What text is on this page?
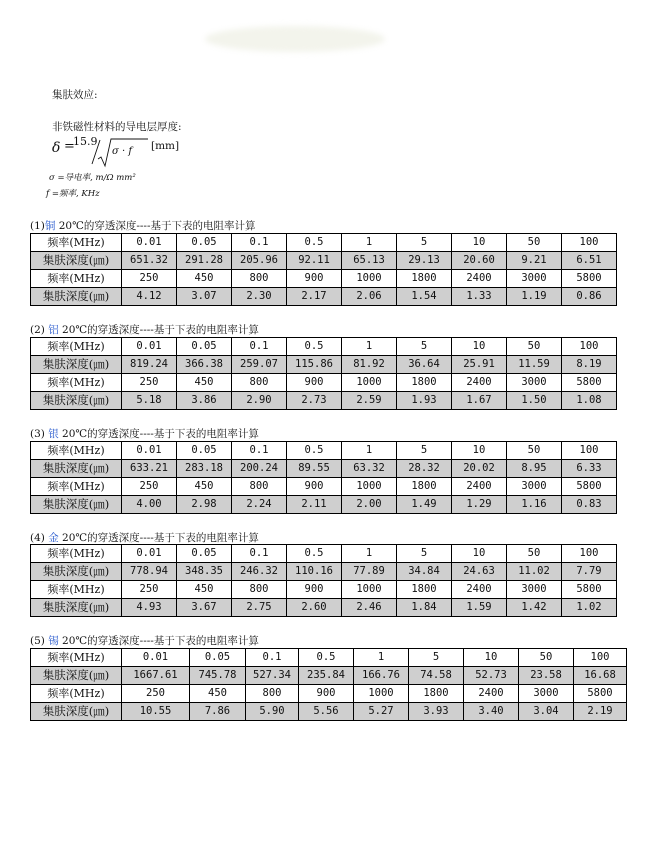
集肤效应:
非铁磁性材料的导电层厚度:
δ =
15.9
σ · f [mm]
σ =导电率, m/Ω mm²
f =频率, KHz
(1)铜 20℃的穿透深度----基于下表的电阻率计算
频率(MHz)	0.01	0.05	0.1	0.5	1	5	10	50	100
集肤深度(㎛)	651.32	291.28	205.96	92.11	65.13	29.13	20.60	9.21	6.51
频率(MHz)	250	450	800	900	1000	1800	2400	3000	5800
集肤深度(㎛)	4.12	3.07	2.30	2.17	2.06	1.54	1.33	1.19	0.86
(2) 铝 20℃的穿透深度----基于下表的电阻率计算
频率(MHz)	0.01	0.05	0.1	0.5	1	5	10	50	100
集肤深度(㎛)	819.24	366.38	259.07	115.86	81.92	36.64	25.91	11.59	8.19
频率(MHz)	250	450	800	900	1000	1800	2400	3000	5800
集肤深度(㎛)	5.18	3.86	2.90	2.73	2.59	1.93	1.67	1.50	1.08
(3) 银 20℃的穿透深度----基于下表的电阻率计算
频率(MHz)	0.01	0.05	0.1	0.5	1	5	10	50	100
集肤深度(㎛)	633.21	283.18	200.24	89.55	63.32	28.32	20.02	8.95	6.33
频率(MHz)	250	450	800	900	1000	1800	2400	3000	5800
集肤深度(㎛)	4.00	2.98	2.24	2.11	2.00	1.49	1.29	1.16	0.83
(4) 金 20℃的穿透深度----基于下表的电阻率计算
频率(MHz)	0.01	0.05	0.1	0.5	1	5	10	50	100
集肤深度(㎛)	778.94	348.35	246.32	110.16	77.89	34.84	24.63	11.02	7.79
频率(MHz)	250	450	800	900	1000	1800	2400	3000	5800
集肤深度(㎛)	4.93	3.67	2.75	2.60	2.46	1.84	1.59	1.42	1.02
(5) 锡 20℃的穿透深度----基于下表的电阻率计算
频率(MHz)	0.01	0.05	0.1	0.5	1	5	10	50	100
集肤深度(㎛)	1667.61	745.78	527.34	235.84	166.76	74.58	52.73	23.58	16.68
频率(MHz)	250	450	800	900	1000	1800	2400	3000	5800
集肤深度(㎛)	10.55	7.86	5.90	5.56	5.27	3.93	3.40	3.04	2.19
